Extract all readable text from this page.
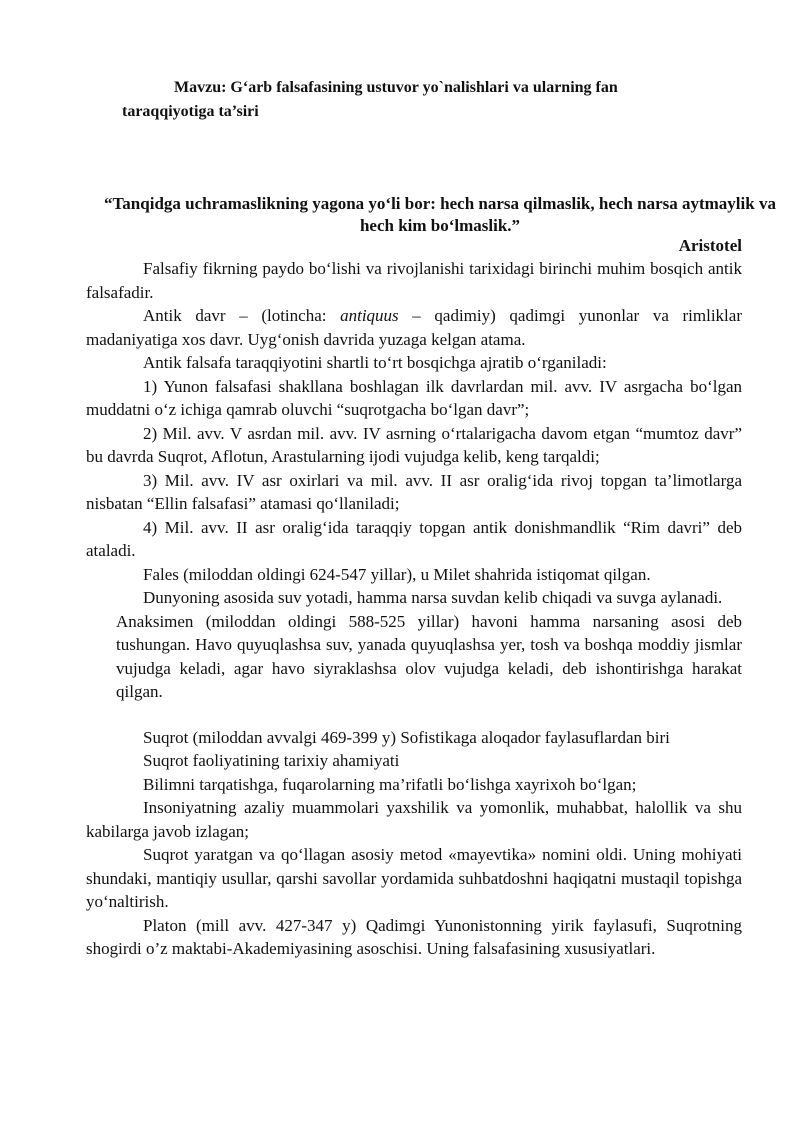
Mavzu: G‘arb falsafasining ustuvor yo`nalishlari va ularning fan
taraqqiyotiga ta’siri
“Tanqidga uchramaslikning yagona yo‘li bor: hech narsa qilmaslik, hech narsa aytmaylik va hech kim bo‘lmaslik.”
Aristotel

Falsafiy fikrning paydo bo‘lishi va rivojlanishi tarixidagi birinchi muhim bosqich antik falsafadir.

Antik davr – (lotincha: antiquus – qadimiy) qadimgi yunonlar va rimliklar madaniyatiga xos davr. Uyg‘onish davrida yuzaga kelgan atama.

Antik falsafa taraqqiyotini shartli to‘rt bosqichga ajratib o‘rganiladi:

1) Yunon falsafasi shakllana boshlagan ilk davrlardan mil. avv. IV asrgacha bo‘lgan muddatni o‘z ichiga qamrab oluvchi “suqrotgacha bo‘lgan davr”;

2) Mil. avv. V asrdan mil. avv. IV asrning o‘rtalarigacha davom etgan “mumtoz davr” bu davrda Suqrot, Aflotun, Arastularning ijodi vujudga kelib, keng tarqaldi;

3) Mil. avv. IV asr oxirlari va mil. avv. II asr oralig‘ida rivoj topgan ta’limotlarga nisbatan “Ellin falsafasi” atamasi qo‘llaniladi;

4) Mil. avv. II asr oralig‘ida taraqqiy topgan antik donishmandlik “Rim davri” deb ataladi.

Fales (miloddan oldingi 624-547 yillar), u Milet shahrida istiqomat qilgan.

Dunyoning asosida suv yotadi, hamma narsa suvdan kelib chiqadi va suvga aylanadi.

Anaksimen (miloddan oldingi 588-525 yillar) havoni hamma narsaning asosi deb tushungan. Havo quyuqlashsa suv, yanada quyuqlashsa yer, tosh va boshqa moddiy jismlar vujudga keladi, agar havo siyraklashsa olov vujudga keladi, deb ishontirishga harakat qilgan.

Suqrot (miloddan avvalgi 469-399 y) Sofistikaga aloqador faylasuflardan biri

Suqrot faoliyatining tarixiy ahamiyati

Bilimni tarqatishga, fuqarolarning ma’rifatli bo‘lishga xayrixoh bo‘lgan;

Insoniyatning azaliy muammolari yaxshilik va yomonlik, muhabbat, halollik va shu kabilarga javob izlagan;

Suqrot yaratgan va qo‘llagan asosiy metod «mayevtika» nomini oldi. Uning mohiyati shundaki, mantiqiy usullar, qarshi savollar yordamida suhbatdoshni haqiqatni mustaqil topishga yo‘naltirish.

Platon (mill avv. 427-347 y) Qadimgi Yunonistonning yirik faylasufi, Suqrotning shogirdi o’z maktabi-Akademiyasining asoschisi. Uning falsafasining xususiyatlari.
